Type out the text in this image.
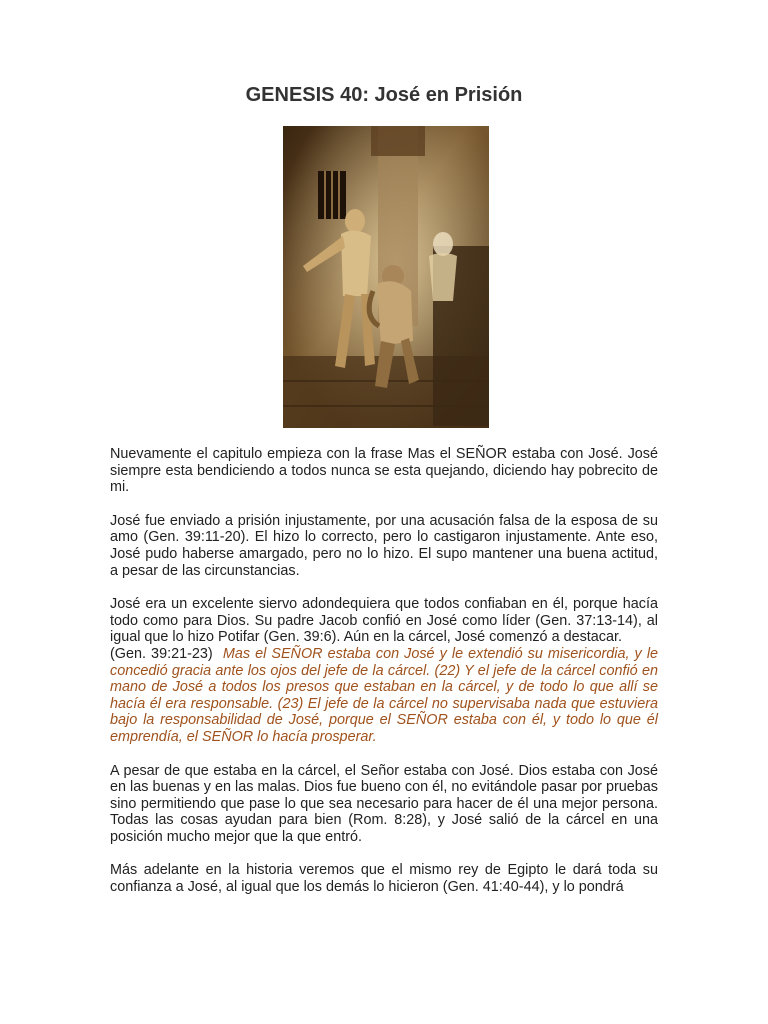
GENESIS 40: José en Prisión

Nuevamente el capitulo empieza con la frase Mas el SEÑOR estaba con José. José siempre esta bendiciendo a todos nunca se esta quejando, diciendo hay pobrecito de mi.

José fue enviado a prisión injustamente, por una acusación falsa de la esposa de su amo (Gen. 39:11-20). El hizo lo correcto, pero lo castigaron injustamente. Ante eso, José pudo haberse amargado, pero no lo hizo. El supo mantener una buena actitud, a pesar de las circunstancias.

José era un excelente siervo adondequiera que todos confiaban en él, porque hacía todo como para Dios. Su padre Jacob confió en José como líder (Gen. 37:13-14), al igual que lo hizo Potifar (Gen. 39:6). Aún en la cárcel, José comenzó a destacar.
(Gen. 39:21-23) Mas el SEÑOR estaba con José y le extendió su misericordia, y le concedió gracia ante los ojos del jefe de la cárcel. (22) Y el jefe de la cárcel confió en mano de José a todos los presos que estaban en la cárcel, y de todo lo que allí se hacía él era responsable. (23) El jefe de la cárcel no supervisaba nada que estuviera bajo la responsabilidad de José, porque el SEÑOR estaba con él, y todo lo que él emprendía, el SEÑOR lo hacía prosperar.

A pesar de que estaba en la cárcel, el Señor estaba con José. Dios estaba con José en las buenas y en las malas. Dios fue bueno con él, no evitándole pasar por pruebas sino permitiendo que pase lo que sea necesario para hacer de él una mejor persona. Todas las cosas ayudan para bien (Rom. 8:28), y José salió de la cárcel en una posición mucho mejor que la que entró.

Más adelante en la historia veremos que el mismo rey de Egipto le dará toda su confianza a José, al igual que los demás lo hicieron (Gen. 41:40-44), y lo pondrá
